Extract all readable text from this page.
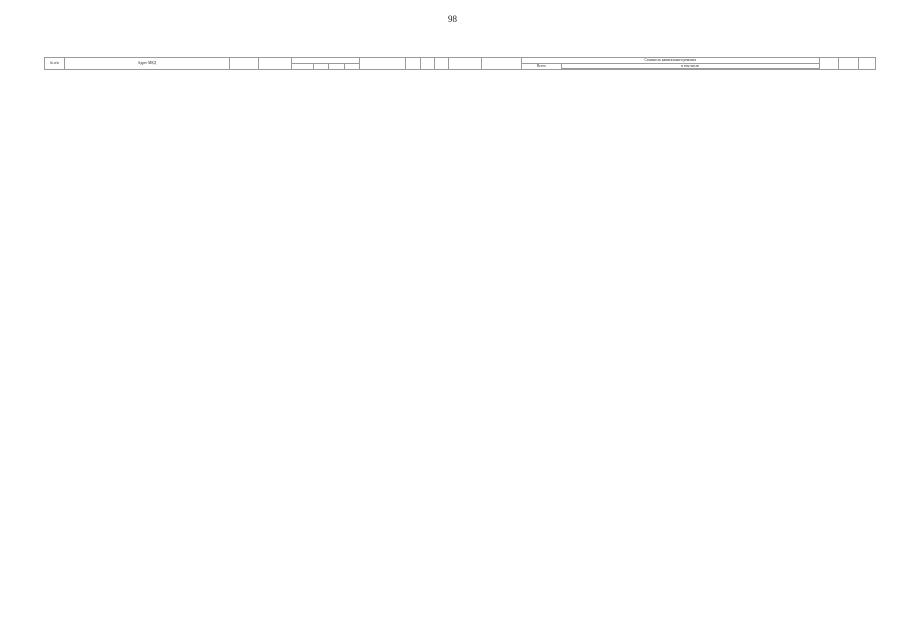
98
№ п/п	Адрес МКД													Стоимость капитального ремонта								
														Всего	в том числе							
